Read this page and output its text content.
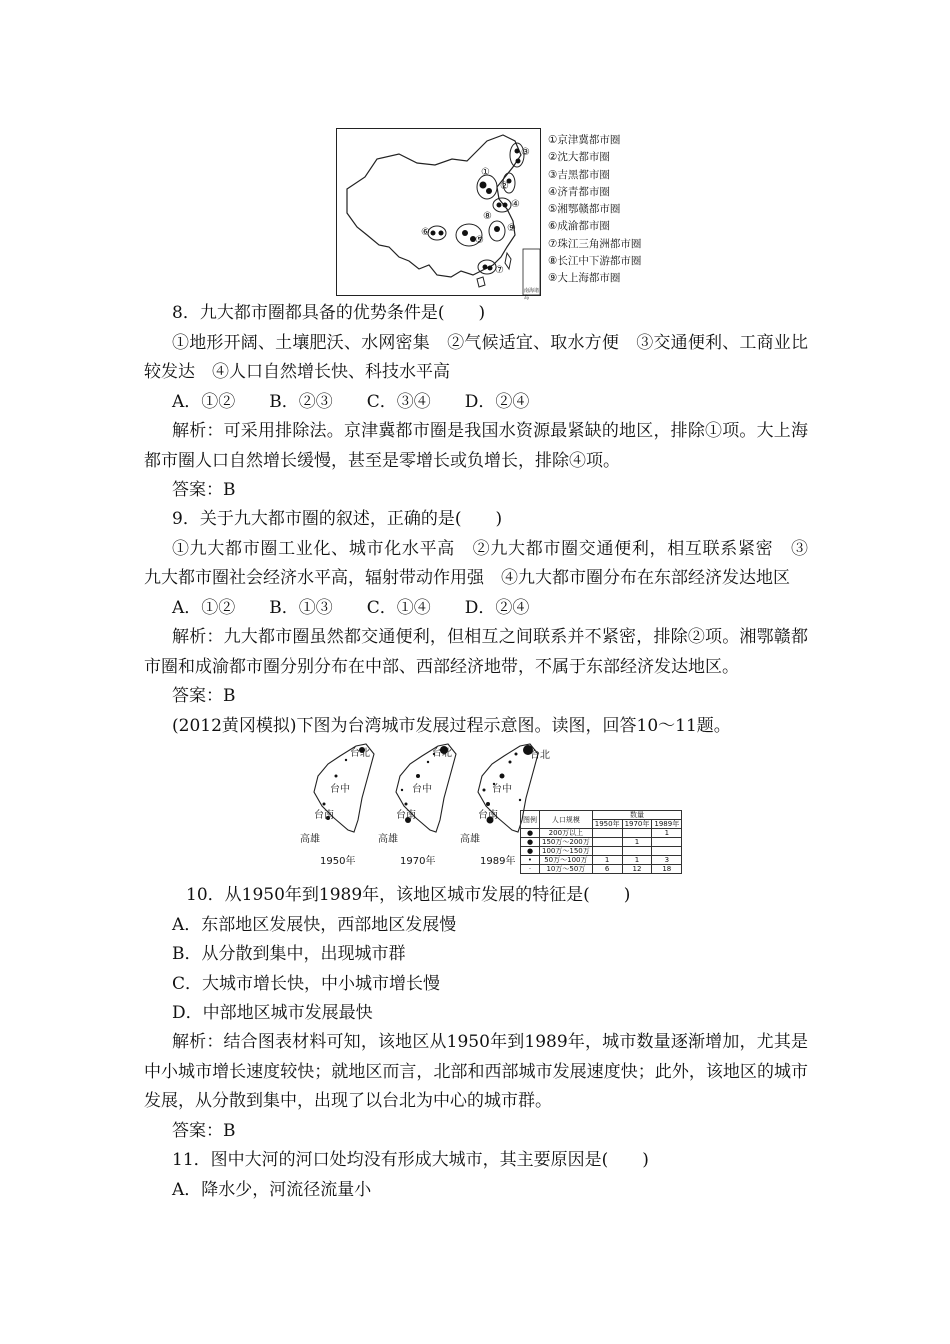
①
②
③
④
⑤
⑥
⑦
⑧
⑨
南海诸岛
①京津冀都市圈
②沈大都市圈
③吉黑都市圈
④济青都市圈
⑤湘鄂赣都市圈
⑥成渝都市圈
⑦珠江三角洲都市圈
⑧长江中下游都市圈
⑨大上海都市圈
8．九大都市圈都具备的优势条件是(　　)
①地形开阔、土壤肥沃、水网密集　②气候适宜、取水方便　③交通便利、工商业比
较发达　④人口自然增长快、科技水平高
A．①② B．②③ C．③④ D．②④
解析：可采用排除法。京津冀都市圈是我国水资源最紧缺的地区，排除①项。大上海
都市圈人口自然增长缓慢，甚至是零增长或负增长，排除④项。
答案：B
9．关于九大都市圈的叙述，正确的是(　　)
①九大都市圈工业化、城市化水平高　②九大都市圈交通便利，相互联系紧密　③
九大都市圈社会经济水平高，辐射带动作用强　④九大都市圈分布在东部经济发达地区
A．①② B．①③ C．①④ D．②④
解析：九大都市圈虽然都交通便利，但相互之间联系并不紧密，排除②项。湘鄂赣都
市圈和成渝都市圈分别分布在中部、西部经济地带，不属于东部经济发达地区。
答案：B
(2012黄冈模拟)下图为台湾城市发展过程示意图。读图，回答10～11题。
台北
台中
台南
高雄
1950年
台北
台中
台南
高雄
1970年
台北
台中
台南
高雄
1989年
图例	人口规模	数量		
		1950年	1970年	1989年
●	200万以上			1
●	150万～200万		1	
●	100万～150万			
•	50万～100万	1	1	3
·	10万～50万	6	12	18
10．从1950年到1989年，该地区城市发展的特征是(　　)
A．东部地区发展快，西部地区发展慢
B．从分散到集中，出现城市群
C．大城市增长快，中小城市增长慢
D．中部地区城市发展最快
解析：结合图表材料可知，该地区从1950年到1989年，城市数量逐渐增加，尤其是
中小城市增长速度较快；就地区而言，北部和西部城市发展速度快；此外，该地区的城市
发展，从分散到集中，出现了以台北为中心的城市群。
答案：B
11．图中大河的河口处均没有形成大城市，其主要原因是(　　)
A．降水少，河流径流量小
